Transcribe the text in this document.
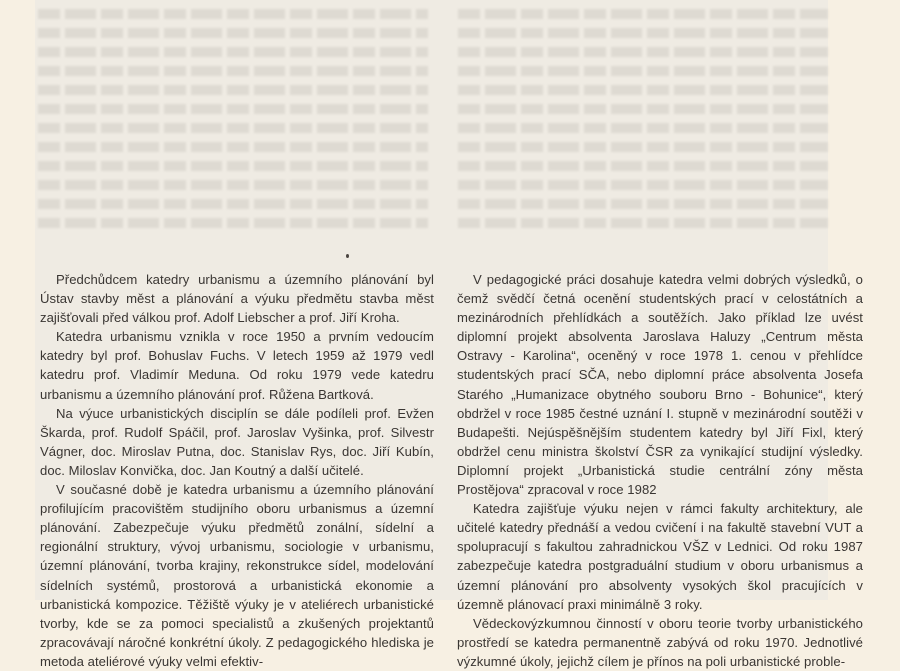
Předchůdcem katedry urbanismu a územního plánování byl Ústav stavby měst a plánování a výuku předmětu stavba měst zajišťovali před válkou prof. Adolf Liebscher a prof. Jiří Kroha.

Katedra urbanismu vznikla v roce 1950 a prvním vedoucím katedry byl prof. Bohuslav Fuchs. V letech 1959 až 1979 vedl katedru prof. Vladimír Meduna. Od roku 1979 vede katedru urbanismu a územního plánování prof. Růžena Bartková.

Na výuce urbanistických disciplín se dále podíleli prof. Evžen Škarda, prof. Rudolf Spáčil, prof. Jaroslav Vyšinka, prof. Silvestr Vágner, doc. Miroslav Putna, doc. Stanislav Rys, doc. Jiří Kubín, doc. Miloslav Konvička, doc. Jan Koutný a další učitelé.

V současné době je katedra urbanismu a územního plánování profilujícím pracovištěm studijního oboru urbanismus a územní plánování. Zabezpečuje výuku předmětů zonální, sídelní a regionální struktury, vývoj urbanismu, sociologie v urbanismu, územní plánování, tvorba krajiny, rekonstrukce sídel, modelování sídelních systémů, prostorová a urbanistická ekonomie a urbanistická kompozice. Těžiště výuky je v ateliérech urbanistické tvorby, kde se za pomoci specialistů a zkušených projektantů zpracovávají náročné konkrétní úkoly. Z pedagogického hlediska je metoda ateliérové výuky velmi efektiv-

V pedagogické práci dosahuje katedra velmi dobrých výsledků, o čemž svědčí četná ocenění studentských prací v celostátních a mezinárodních přehlídkách a soutěžích. Jako příklad lze uvést diplomní projekt absolventa Jaroslava Haluzy „Centrum města Ostravy - Karolina“, oceněný v roce 1978 1. cenou v přehlídce studentských prací SČA, nebo diplomní práce absolventa Josefa Starého „Humanizace obytného souboru Brno - Bohunice“, který obdržel v roce 1985 čestné uznání I. stupně v mezinárodní soutěži v Budapešti. Nejúspěšnějším studentem katedry byl Jiří Fixl, který obdržel cenu ministra školství ČSR za vynikající studijní výsledky. Diplomní projekt „Urbanistická studie centrální zóny města Prostějova“ zpracoval v roce 1982

Katedra zajišťuje výuku nejen v rámci fakulty architektury, ale učitelé katedry přednáší a vedou cvičení i na fakultě stavební VUT a spolupracují s fakultou zahradnickou VŠZ v Lednici. Od roku 1987 zabezpečuje katedra postgraduální studium v oboru urbanismus a územní plánování pro absolventy vysokých škol pracujících v územně plánovací praxi minimálně 3 roky.

Vědeckovýzkumnou činností v oboru teorie tvorby urbanistického prostředí se katedra permanentně zabývá od roku 1970. Jednotlivé výzkumné úkoly, jejichž cílem je přínos na poli urbanistické proble-
